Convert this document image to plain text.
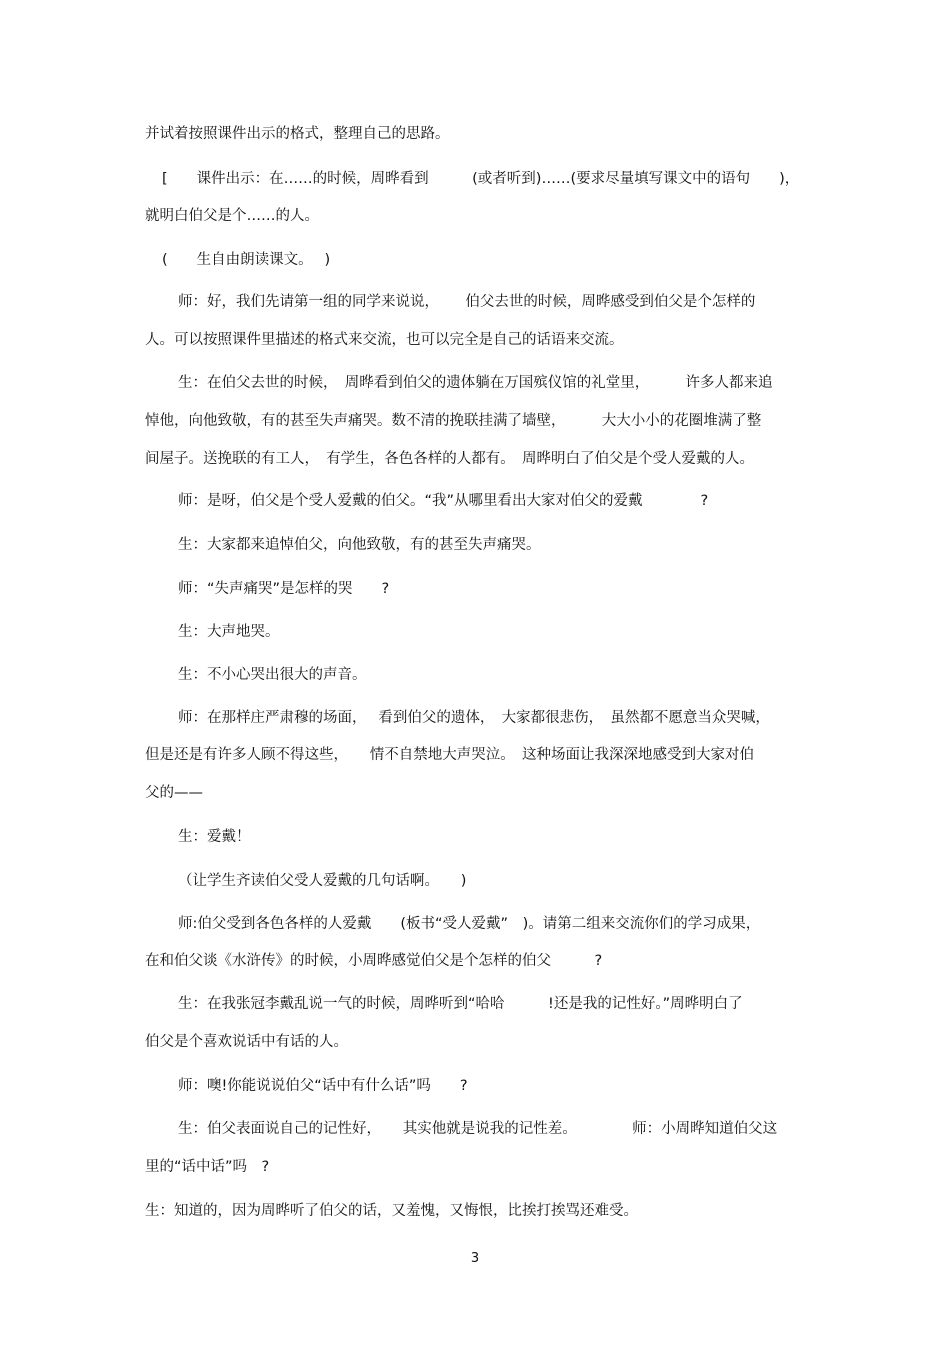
并试着按照课件出示的格式，整理自己的思路。
[　　课件出示：在……的时候，周晔看到　　　(或者听到)……(要求尽量填写课文中的语句　　)，
就明白伯父是个……的人。
(　　生自由朗读课文。　 )
师：好，我们先请第一组的同学来说说，　　 伯父去世的时候，周晔感受到伯父是个怎样的
人。可以按照课件里描述的格式来交流，也可以完全是自己的话语来交流。
生：在伯父去世的时候，　周晔看到伯父的遗体躺在万国殡仪馆的礼堂里，　　　许多人都来追
悼他，向他致敬，有的甚至失声痛哭。数不清的挽联挂满了墙壁，　　　大大小小的花圈堆满了整
间屋子。送挽联的有工人，　有学生，各色各样的人都有。　周晔明白了伯父是个受人爱戴的人。
师：是呀，伯父是个受人爱戴的伯父。“我”从哪里看出大家对伯父的爱戴　　　　?
生：大家都来追悼伯父，向他致敬，有的甚至失声痛哭。
师：“失声痛哭”是怎样的哭　　?
生：大声地哭。
生：不小心哭出很大的声音。
师：在那样庄严肃穆的场面，　 看到伯父的遗体，　大家都很悲伤，　虽然都不愿意当众哭喊，
但是还是有许多人顾不得这些，　　情不自禁地大声哭泣。　这种场面让我深深地感受到大家对伯
父的——
生：爱戴！
（让学生齐读伯父受人爱戴的几句话啊。　　)
师:伯父受到各色各样的人爱戴　　(板书“受人爱戴”　)。请第二组来交流你们的学习成果，
在和伯父谈《水浒传》的时候，小周晔感觉伯父是个怎样的伯父　　　?
生：在我张冠李戴乱说一气的时候，周晔听到“哈哈　　　!还是我的记性好。”周晔明白了
伯父是个喜欢说话中有话的人。
师：噢!你能说说伯父“话中有什么话”吗　　?
生：伯父表面说自己的记性好，　　其实他就是说我的记性差。　　　　 师：小周晔知道伯父这
里的“话中话”吗　?
生：知道的，因为周晔听了伯父的话，又羞愧，又悔恨，比挨打挨骂还难受。
3
